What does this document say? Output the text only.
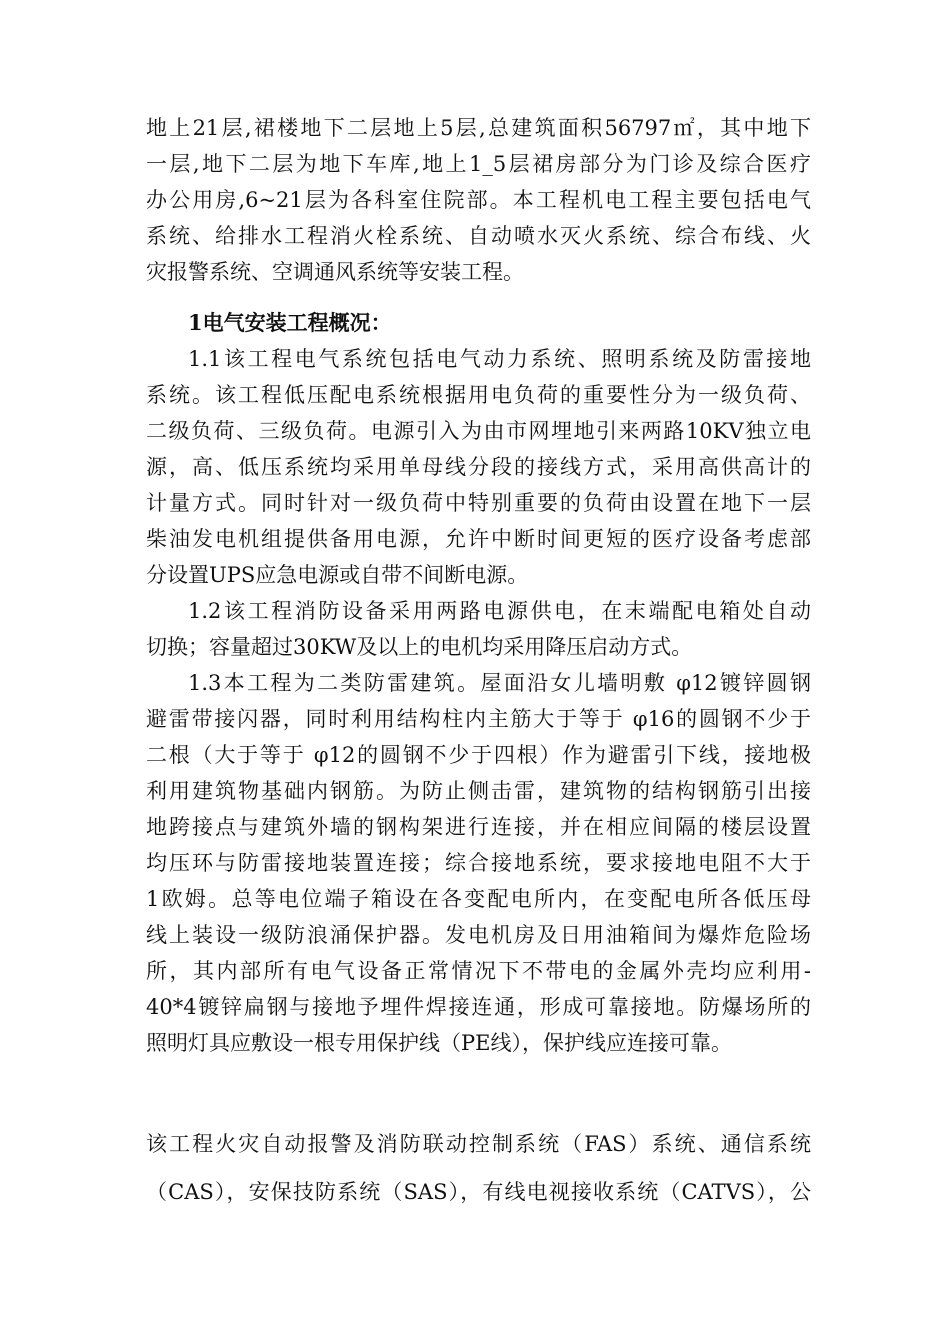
地上21层,裙楼地下二层地上5层,总建筑面积56797㎡，其中地下
一层,地下二层为地下车库,地上1_5层裙房部分为门诊及综合医疗
办公用房,6~21层为各科室住院部。本工程机电工程主要包括电气
系统、给排水工程消火栓系统、自动喷水灭火系统、综合布线、火
灾报警系统、空调通风系统等安装工程。
1电气安装工程概况：
1.1该工程电气系统包括电气动力系统、照明系统及防雷接地
系统。该工程低压配电系统根据用电负荷的重要性分为一级负荷、
二级负荷、三级负荷。电源引入为由市网埋地引来两路10KV独立电
源，高、低压系统均采用单母线分段的接线方式，采用高供高计的
计量方式。同时针对一级负荷中特别重要的负荷由设置在地下一层
柴油发电机组提供备用电源，允许中断时间更短的医疗设备考虑部
分设置UPS应急电源或自带不间断电源。
1.2该工程消防设备采用两路电源供电，在末端配电箱处自动
切换；容量超过30KW及以上的电机均采用降压启动方式。
1.3本工程为二类防雷建筑。屋面沿女儿墙明敷 φ12镀锌圆钢
避雷带接闪器，同时利用结构柱内主筋大于等于 φ16的圆钢不少于
二根（大于等于 φ12的圆钢不少于四根）作为避雷引下线，接地极
利用建筑物基础内钢筋。为防止侧击雷，建筑物的结构钢筋引出接
地跨接点与建筑外墙的钢构架进行连接，并在相应间隔的楼层设置
均压环与防雷接地装置连接；综合接地系统，要求接地电阻不大于
1欧姆。总等电位端子箱设在各变配电所内，在变配电所各低压母
线上装设一级防浪涌保护器。发电机房及日用油箱间为爆炸危险场
所，其内部所有电气设备正常情况下不带电的金属外壳均应利用-
40*4镀锌扁钢与接地予埋件焊接连通，形成可靠接地。防爆场所的
照明灯具应敷设一根专用保护线（PE线），保护线应连接可靠。
该工程火灾自动报警及消防联动控制系统（FAS）系统、通信系统
（CAS），安保技防系统（SAS），有线电视接收系统（CATVS），公
